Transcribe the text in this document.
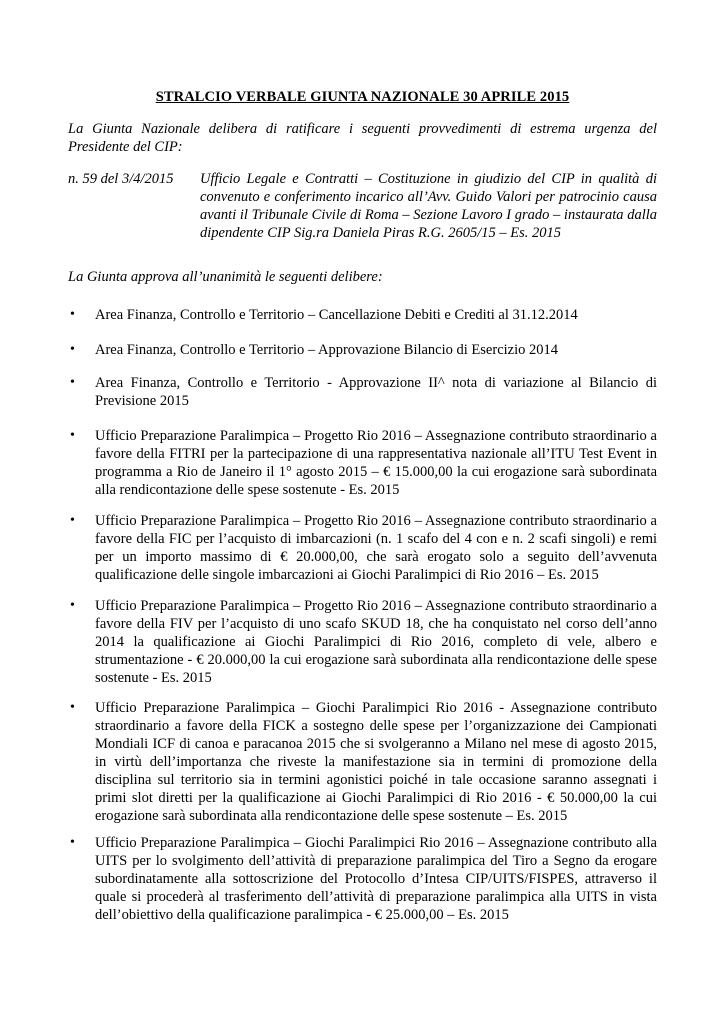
STRALCIO VERBALE GIUNTA NAZIONALE 30 APRILE 2015
La Giunta Nazionale delibera di ratificare i seguenti provvedimenti di estrema urgenza del Presidente del CIP:
n. 59 del 3/4/2015 Ufficio Legale e Contratti – Costituzione in giudizio del CIP in qualità di convenuto e conferimento incarico all’Avv. Guido Valori per patrocinio causa avanti il Tribunale Civile di Roma – Sezione Lavoro I grado – instaurata dalla dipendente CIP Sig.ra Daniela Piras R.G. 2605/15 – Es. 2015
La Giunta approva all’unanimità le seguenti delibere:
• Area Finanza, Controllo e Territorio – Cancellazione Debiti e Crediti al 31.12.2014
• Area Finanza, Controllo e Territorio – Approvazione Bilancio di Esercizio 2014
• Area Finanza, Controllo e Territorio - Approvazione II^ nota di variazione al Bilancio di Previsione 2015
• Ufficio Preparazione Paralimpica – Progetto Rio 2016 – Assegnazione contributo straordinario a favore della FITRI per la partecipazione di una rappresentativa nazionale all’ITU Test Event in programma a Rio de Janeiro il 1° agosto 2015 – € 15.000,00 la cui erogazione sarà subordinata alla rendicontazione delle spese sostenute - Es. 2015
• Ufficio Preparazione Paralimpica – Progetto Rio 2016 – Assegnazione contributo straordinario a favore della FIC per l’acquisto di imbarcazioni (n. 1 scafo del 4 con e n. 2 scafi singoli) e remi per un importo massimo di € 20.000,00, che sarà erogato solo a seguito dell’avvenuta qualificazione delle singole imbarcazioni ai Giochi Paralimpici di Rio 2016 – Es. 2015
• Ufficio Preparazione Paralimpica – Progetto Rio 2016 – Assegnazione contributo straordinario a favore della FIV per l’acquisto di uno scafo SKUD 18, che ha conquistato nel corso dell’anno 2014 la qualificazione ai Giochi Paralimpici di Rio 2016, completo di vele, albero e strumentazione - € 20.000,00 la cui erogazione sarà subordinata alla rendicontazione delle spese sostenute - Es. 2015
• Ufficio Preparazione Paralimpica – Giochi Paralimpici Rio 2016 - Assegnazione contributo straordinario a favore della FICK a sostegno delle spese per l’organizzazione dei Campionati Mondiali ICF di canoa e paracanoa 2015 che si svolgeranno a Milano nel mese di agosto 2015, in virtù dell’importanza che riveste la manifestazione sia in termini di promozione della disciplina sul territorio sia in termini agonistici poiché in tale occasione saranno assegnati i primi slot diretti per la qualificazione ai Giochi Paralimpici di Rio 2016 - € 50.000,00 la cui erogazione sarà subordinata alla rendicontazione delle spese sostenute – Es. 2015
• Ufficio Preparazione Paralimpica – Giochi Paralimpici Rio 2016 – Assegnazione contributo alla UITS per lo svolgimento dell’attività di preparazione paralimpica del Tiro a Segno da erogare subordinatamente alla sottoscrizione del Protocollo d’Intesa CIP/UITS/FISPES, attraverso il quale si procederà al trasferimento dell’attività di preparazione paralimpica alla UITS in vista dell’obiettivo della qualificazione paralimpica - € 25.000,00 – Es. 2015
